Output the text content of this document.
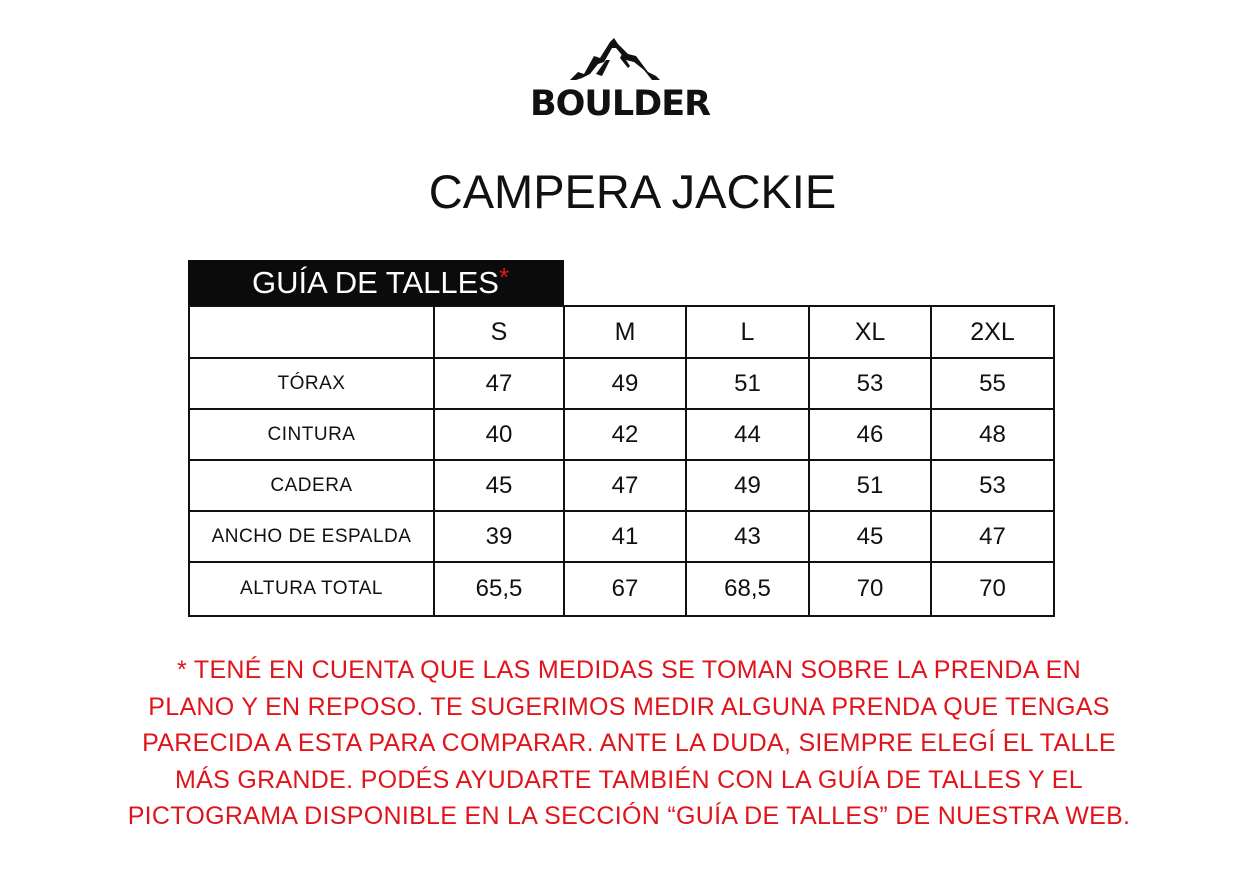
BOULDER
CAMPERA JACKIE
GUÍA DE TALLES*
	S	M	L	XL	2XL
TÓRAX	47	49	51	53	55
CINTURA	40	42	44	46	48
CADERA	45	47	49	51	53
ANCHO DE ESPALDA	39	41	43	45	47
ALTURA TOTAL	65,5	67	68,5	70	70
* TENÉ EN CUENTA QUE LAS MEDIDAS SE TOMAN SOBRE LA PRENDA EN
PLANO Y EN REPOSO. TE SUGERIMOS MEDIR ALGUNA PRENDA QUE TENGAS
PARECIDA A ESTA PARA COMPARAR. ANTE LA DUDA, SIEMPRE ELEGÍ EL TALLE
MÁS GRANDE. PODÉS AYUDARTE TAMBIÉN CON LA GUÍA DE TALLES Y EL
PICTOGRAMA DISPONIBLE EN LA SECCIÓN “GUÍA DE TALLES” DE NUESTRA WEB.
